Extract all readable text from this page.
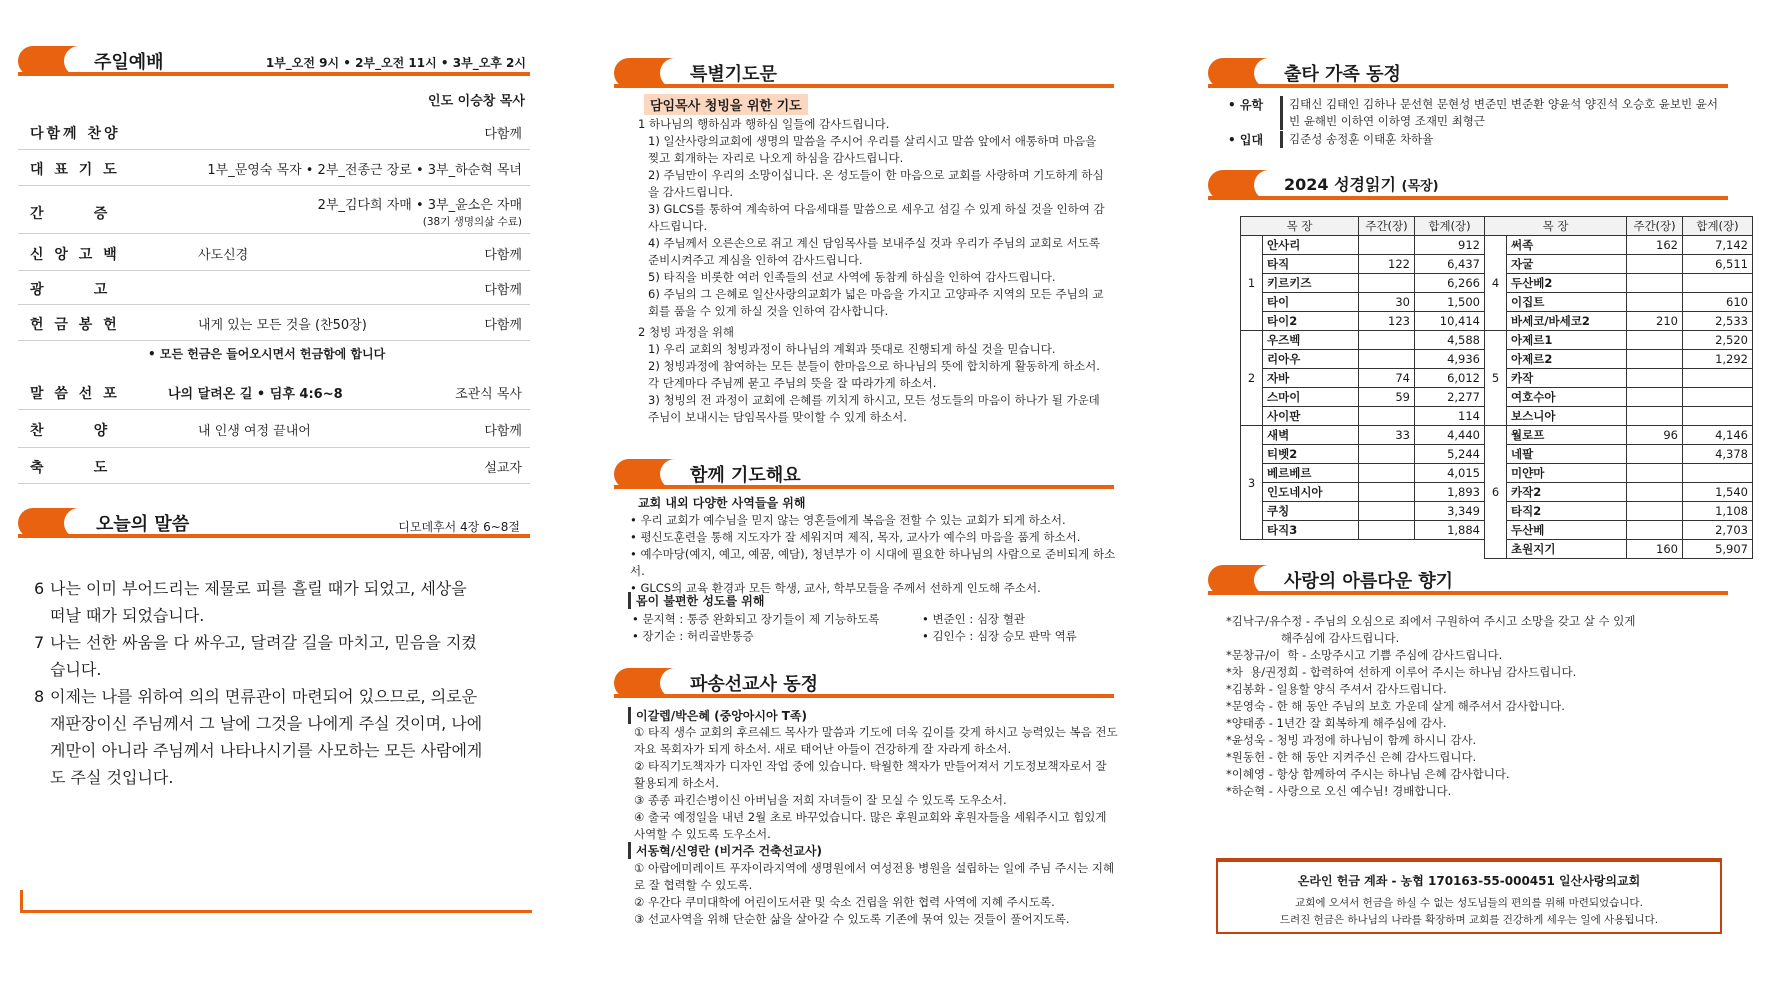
주일예배	1부_오전 9시 • 2부_오전 11시 • 3부_오후 2시
인도 이승창 목사
다함께 찬양	다함께
대 표 기 도	1부_문영숙 목자 • 2부_전종근 장로 • 3부_하순혁 목녀
간      증
2부_김다희 자매 • 3부_윤소은 자매
(38기 생명의삶 수료)
신 앙 고 백	사도신경	다함께
광      고	다함께
헌 금 봉 헌	내게 있는 모든 것을 (찬50장)	다함께
말 씀 선 포	나의 달려온 길 • 딤후 4:6~8	조관식 목사
찬      양	내 인생 여정 끝내어	다함께
축      도	설교자
• 모든 헌금은 들어오시면서 헌금함에 합니다
오늘의 말씀	디모데후서 4장 6~8절
6 나는 이미 부어드리는 제물로 피를 흘릴 때가 되었고, 세상을 떠날 때가 되었습니다.
7 나는 선한 싸움을 다 싸우고, 달려갈 길을 마치고, 믿음을 지켰습니다.
8 이제는 나를 위하여 의의 면류관이 마련되어 있으므로, 의로운 재판장이신 주님께서 그 날에 그것을 나에게 주실 것이며, 나에게만이 아니라 주님께서 나타나시기를 사모하는 모든 사람에게도 주실 것입니다.
특별기도문
담임목사 청빙을 위한 기도
1 하나님의 행하심과 행하심 일들에 감사드립니다.
1) 일산사랑의교회에 생명의 말씀을 주시어 우리를 살리시고 말씀 앞에서 애통하며 마음을 찢고 회개하는 자리로 나오게 하심을 감사드립니다.
2) 주님만이 우리의 소망이십니다. 온 성도들이 한 마음으로 교회를 사랑하며 기도하게 하심을 감사드립니다.
3) GLCS를 통하여 계속하여 다음세대를 말씀으로 세우고 섬길 수 있게 하실 것을 인하여 감사드립니다.
4) 주님께서 오른손으로 쥐고 계신 담임목사를 보내주실 것과 우리가 주님의 교회로 서도록 준비시켜주고 계심을 인하여 감사드립니다.
5) 타직을 비롯한 여러 인족들의 선교 사역에 동참케 하심을 인하여 감사드립니다.
6) 주님의 그 은혜로 일산사랑의교회가 넓은 마음을 가지고 고양파주 지역의 모든 주님의 교회를 품을 수 있게 하실 것을 인하여 감사합니다.
2 청빙 과정을 위해
1) 우리 교회의 청빙과정이 하나님의 계획과 뜻대로 진행되게 하실 것을 믿습니다.
2) 청빙과정에 참여하는 모든 분들이 한마음으로 하나님의 뜻에 합치하게 활동하게 하소서. 각 단계마다 주님께 묻고 주님의 뜻을 잘 따라가게 하소서.
3) 청빙의 전 과정이 교회에 은혜를 끼치게 하시고, 모든 성도들의 마음이 하나가 될 가운데 주님이 보내시는 담임목사를 맞이할 수 있게 하소서.
함께 기도해요
교회 내외 다양한 사역들을 위해
• 우리 교회가 예수님을 믿지 않는 영혼들에게 복음을 전할 수 있는 교회가 되게 하소서.
• 평신도훈련을 통해 지도자가 잘 세워지며 제직, 목자, 교사가 예수의 마음을 품게 하소서.
• 예수마당(예지, 예고, 예꿈, 예담), 청년부가 이 시대에 필요한 하나님의 사람으로 준비되게 하소서.
• GLCS의 교육 환경과 모든 학생, 교사, 학부모들을 주께서 선하게 인도해 주소서.
몸이 불편한 성도를 위해
• 문지혁 : 통증 완화되고 장기들이 제 기능하도록	• 변준인 : 심장 혈관
• 장기순 : 허리골반통증	• 김인수 : 심장 승모 판막 역류
파송선교사 동정
이갈렙/박은혜 (중앙아시아 T족)
① 타직 생수 교회의 후르쉐드 목사가 말씀과 기도에 더욱 깊이를 갖게 하시고 능력있는 복음 전도자요 목회자가 되게 하소서. 새로 태어난 아들이 건강하게 잘 자라게 하소서.
② 타직기도책자가 디자인 작업 중에 있습니다. 탁월한 책자가 만들어져서 기도정보책자로서 잘 활용되게 하소서.
③ 종종 파킨슨병이신 아버님을 저희 자녀들이 잘 모실 수 있도록 도우소서.
④ 출국 예정일을 내년 2월 초로 바꾸었습니다. 많은 후원교회와 후원자들을 세워주시고 힘있게 사역할 수 있도록 도우소서.
서동혁/신영란 (비거주 건축선교사)
① 아랍에미레이트 푸자이라지역에 생명원에서 여성전용 병원을 설립하는 일에 주님 주시는 지혜로 잘 협력할 수 있도록.
② 우간다 쿠미대학에 어린이도서관 및 숙소 건립을 위한 협력 사역에 지혜 주시도록.
③ 선교사역을 위해 단순한 삶을 살아갈 수 있도록 기존에 묶여 있는 것들이 풀어지도록.
출타 가족 동정
• 유학	김태신 김태인 김하나 문선현 문현성 변준민 변준환 양윤석 양진석 오승호 윤보빈 윤서빈 윤해빈 이하연 이하영 조재민 최형근
• 입대	김준성 송정훈 이태훈 차하율
2024 성경읽기 (목장)
목 장		주간(장)	합계(장)
1	안사리		912
	타직	122	6,437
	키르키즈		6,266
	타이	30	1,500
	타이2	123	10,414
2	우즈벡		4,588
	리아우		4,936
	자바	74	6,012
	스마이	59	2,277
	사이판		114
3	새벽	33	4,440
	티벳2		5,244
	베르베르		4,015
	인도네시아		1,893
	쿠칭		3,349
	타직3		1,884
목 장		주간(장)	합계(장)
4	써족	162	7,142
	자굴		6,511
	두산베2		
	이집트		610
	바세코/바세코2	210	2,533
5	아제르1		2,520
	아제르2		1,292
	카작		
	여호수아		
	보스니아		
6	월로프	96	4,146
	네팔		4,378
	미얀마		
	카작2		1,540
	타직2		1,108
	두산베		2,703
	초원지기	160	5,907
사랑의 아름다운 향기
*김낙구/유수정 - 주님의 오심으로 죄에서 구원하여 주시고 소망을 갖고 살 수 있게
해주심에 감사드립니다.
*문창규/이  학 - 소망주시고 기쁨 주심에 감사드립니다.
*차  용/권정희 - 합력하여 선하게 이루어 주시는 하나님 감사드립니다.
*김봉화 - 일용할 양식 주셔서 감사드립니다.
*문영숙 - 한 해 동안 주님의 보호 가운데 살게 해주셔서 감사합니다.
*양태종 - 1년간 잘 회복하게 해주심에 감사.
*윤성욱 - 청빙 과정에 하나님이 함께 하시니 감사.
*원동헌 - 한 해 동안 지켜주신 은혜 감사드립니다.
*이혜영 - 항상 함께하여 주시는 하나님 은혜 감사합니다.
*하순혁 - 사랑으로 오신 예수님! 경배합니다.
온라인 헌금 계좌 - 농협 170163-55-000451 일산사랑의교회
교회에 오셔서 헌금을 하실 수 없는 성도님들의 편의를 위해 마련되었습니다.
드려진 헌금은 하나님의 나라를 확장하며 교회를 건강하게 세우는 일에 사용됩니다.
